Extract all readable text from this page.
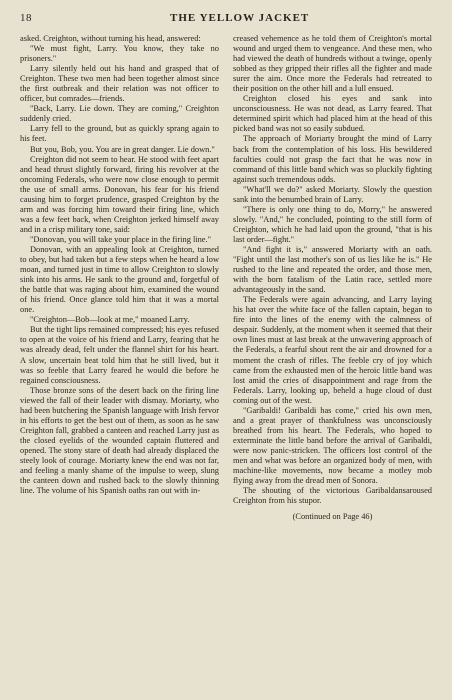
18	THE YELLOW JACKET

asked. Creighton, without turning his head, answered:

"We must fight, Larry. You know, they take no prisoners."

Larry silently held out his hand and grasped that of Creighton. These two men had been together almost since the first outbreak and their relation was not officer to officer, but comrades—friends.

"Back, Larry. Lie down. They are coming," Creighton suddenly cried.

Larry fell to the ground, but as quickly sprang again to his feet.

But you, Bob, you. You are in great danger. Lie down."

Creighton did not seem to hear. He stood with feet apart and head thrust slightly forward, firing his revolver at the oncoming Federals, who were now close enough to permit the use of small arms. Donovan, his fear for his friend causing him to forget prudence, grasped Creighton by the arm and was forcing him toward their firing line, which was a few feet back, when Creighton jerked himself away and in a crisp military tone, said:

"Donovan, you will take your place in the firing line."

Donovan, with an appealing look at Creighton, turned to obey, but had taken but a few steps when he heard a low moan, and turned just in time to allow Creighton to slowly sink into his arms. He sank to the ground and, forgetful of the battle that was raging about him, examined the wound of his friend. Once glance told him that it was a mortal one.

"Creighton—Bob—look at me," moaned Larry.

But the tight lips remained compressed; his eyes refused to open at the voice of his friend and Larry, fearing that he was already dead, felt under the flannel shirt for his heart. A slow, uncertain beat told him that he still lived, but it was so feeble that Larry feared he would die before he regained consciousness.

Those bronze sons of the desert back on the firing line viewed the fall of their leader with dismay. Moriarty, who had been butchering the Spanish language with Irish fervor in his efforts to get the best out of them, as soon as he saw Creighton fall, grabbed a canteen and reached Larry just as the closed eyelids of the wounded captain fluttered and opened. The stony stare of death had already displaced the steely look of courage. Moriarty knew the end was not far, and feeling a manly shame of the impulse to weep, slung the canteen down and rushed back to the slowly thinning line. The volume of his Spanish oaths ran out with in-

creased vehemence as he told them of Creighton's mortal wound and urged them to vengeance. And these men, who had viewed the death of hundreds without a twinge, openly sobbed as they gripped their rifles all the fighter and made surer the aim. Once more the Federals had retreated to their position on the other hill and a lull ensued.

Creighton closed his eyes and sank into unconsciousness. He was not dead, as Larry feared. That determined spirit which had placed him at the head of this picked band was not so easily subdued.

The approach of Moriarty brought the mind of Larry back from the contemplation of his loss. His bewildered faculties could not grasp the fact that he was now in command of this little band which was so pluckily fighting against such tremendous odds.

"What'll we do?" asked Moriarty. Slowly the question sank into the benumbed brain of Larry.

"There is only one thing to do, Morry," he answered slowly. "And," he concluded, pointing to the still form of Creighton, which he had laid upon the ground, "that is his last order—fight."

"And fight it is," answered Moriarty with an oath. "Fight until the last mother's son of us lies like he is." He rushed to the line and repeated the order, and those men, with the born fatalism of the Latin race, settled more advantageously in the sand.

The Federals were again advancing, and Larry laying his hat over the white face of the fallen captain, began to fire into the lines of the enemy with the calmness of despair. Suddenly, at the moment when it seemed that their own lines must at last break at the unwavering approach of the Federals, a fearful shout rent the air and drowned for a moment the crash of rifles. The feeble cry of joy which came from the exhausted men of the heroic little band was lost amid the cries of disappointment and rage from the Federals. Larry, looking up, beheld a huge cloud of dust coming out of the west.

"Garibaldi! Garibaldi has come," cried his own men, and a great prayer of thankfulness was unconsciously breathed from his heart. The Federals, who hoped to exterminate the little band before the arrival of Garibaldi, were now panic-stricken. The officers lost control of the men and what was before an organized body of men, with machine-like movements, now became a motley mob flying away from the dread men of Sonora.

The shouting of the victorious Garibaldansaroused Creighton from his stupor.

(Continued on Page 46)
